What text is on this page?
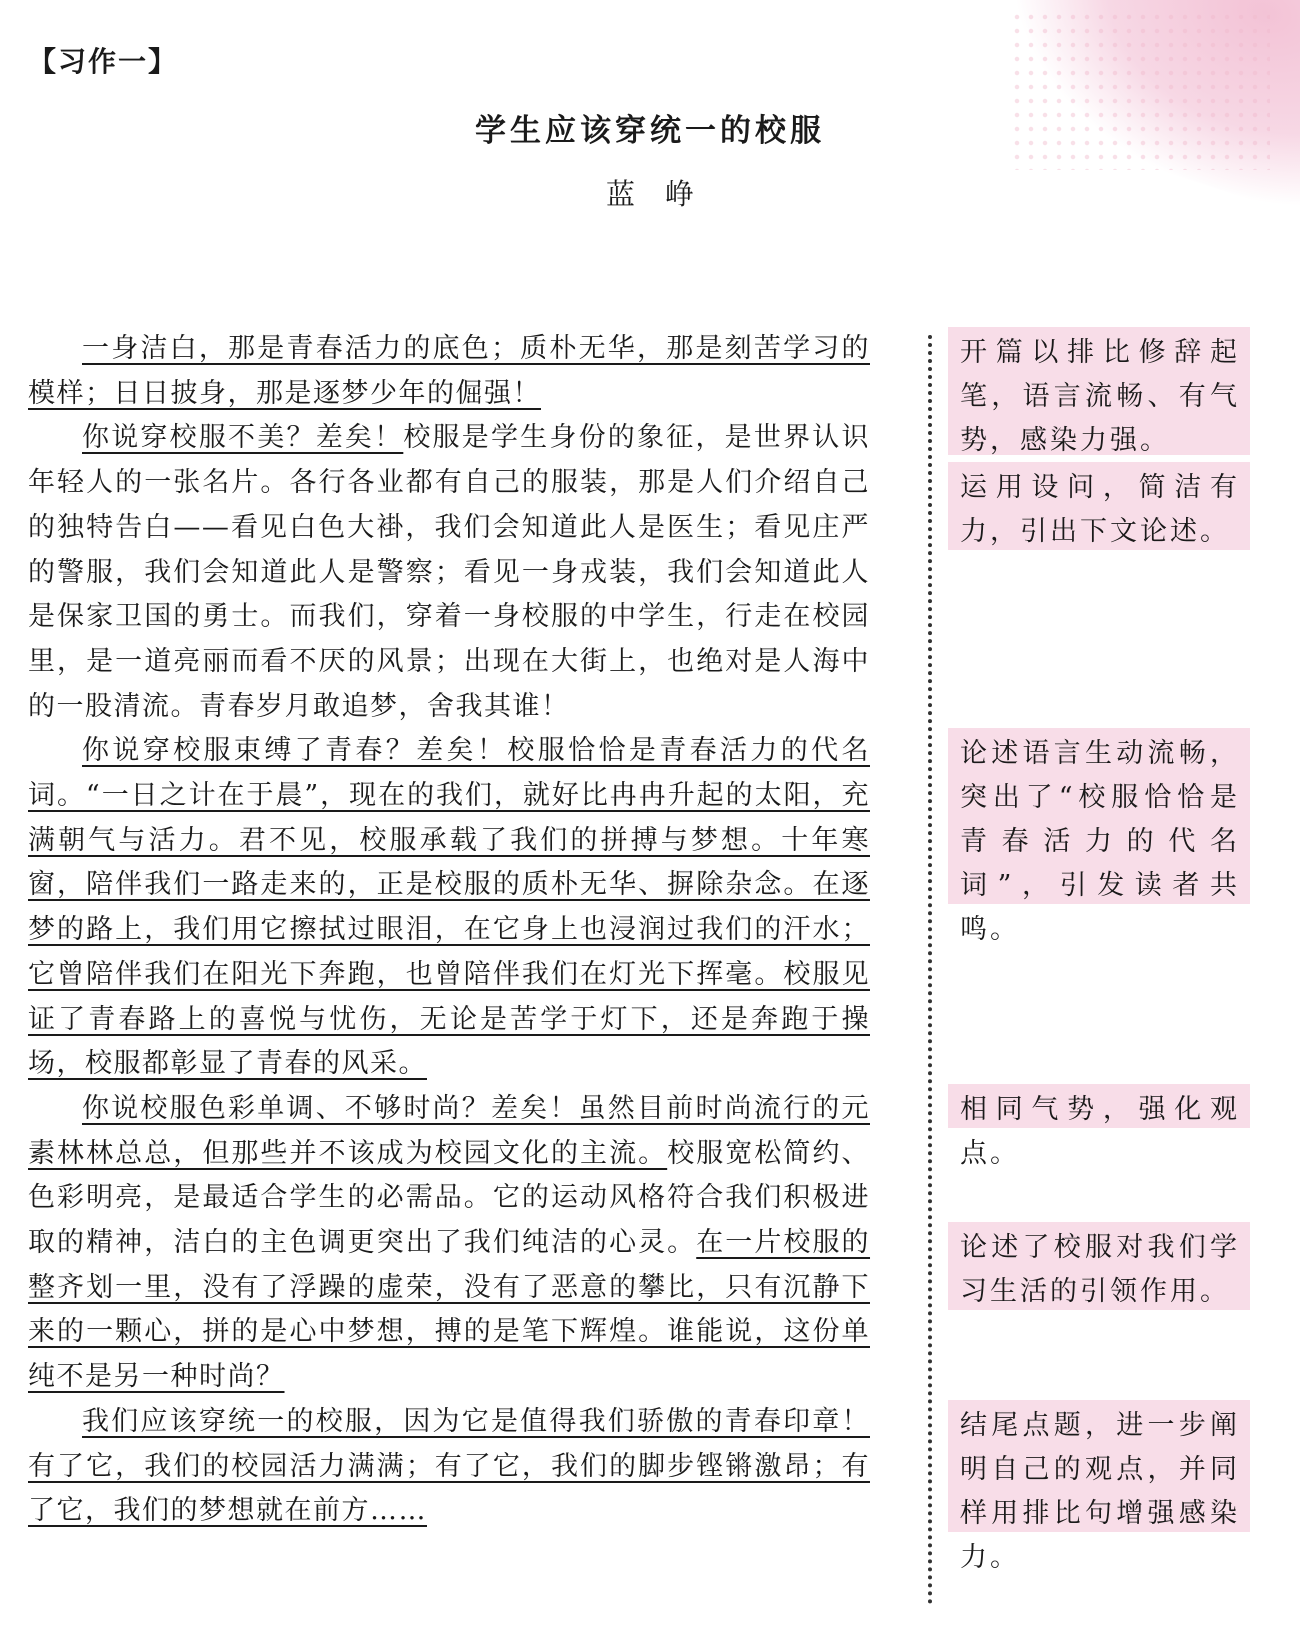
【习作一】
学生应该穿统一的校服
蓝峥

一身洁白，那是青春活力的底色；质朴无华，那是刻苦学习的模样；日日披身，那是逐梦少年的倔强！

你说穿校服不美？差矣！校服是学生身份的象征，是世界认识年轻人的一张名片。各行各业都有自己的服装，那是人们介绍自己的独特告白——看见白色大褂，我们会知道此人是医生；看见庄严的警服，我们会知道此人是警察；看见一身戎装，我们会知道此人是保家卫国的勇士。而我们，穿着一身校服的中学生，行走在校园里，是一道亮丽而看不厌的风景；出现在大街上，也绝对是人海中的一股清流。青春岁月敢追梦，舍我其谁！

你说穿校服束缚了青春？差矣！校服恰恰是青春活力的代名词。“一日之计在于晨”，现在的我们，就好比冉冉升起的太阳，充满朝气与活力。君不见，校服承载了我们的拼搏与梦想。十年寒窗，陪伴我们一路走来的，正是校服的质朴无华、摒除杂念。在逐梦的路上，我们用它擦拭过眼泪，在它身上也浸润过我们的汗水；它曾陪伴我们在阳光下奔跑，也曾陪伴我们在灯光下挥毫。校服见证了青春路上的喜悦与忧伤，无论是苦学于灯下，还是奔跑于操场，校服都彰显了青春的风采。

你说校服色彩单调、不够时尚？差矣！虽然目前时尚流行的元素林林总总，但那些并不该成为校园文化的主流。校服宽松简约、色彩明亮，是最适合学生的必需品。它的运动风格符合我们积极进取的精神，洁白的主色调更突出了我们纯洁的心灵。在一片校服的整齐划一里，没有了浮躁的虚荣，没有了恶意的攀比，只有沉静下来的一颗心，拼的是心中梦想，搏的是笔下辉煌。谁能说，这份单纯不是另一种时尚？

我们应该穿统一的校服，因为它是值得我们骄傲的青春印章！有了它，我们的校园活力满满；有了它，我们的脚步铿锵激昂；有了它，我们的梦想就在前方……

开篇以排比修辞起笔，语言流畅、有气势，感染力强。
运用设问，简洁有力，引出下文论述。
论述语言生动流畅，突出了“校服恰恰是青春活力的代名词”，引发读者共鸣。
相同气势，强化观点。
论述了校服对我们学习生活的引领作用。
结尾点题，进一步阐明自己的观点，并同样用排比句增强感染力。
